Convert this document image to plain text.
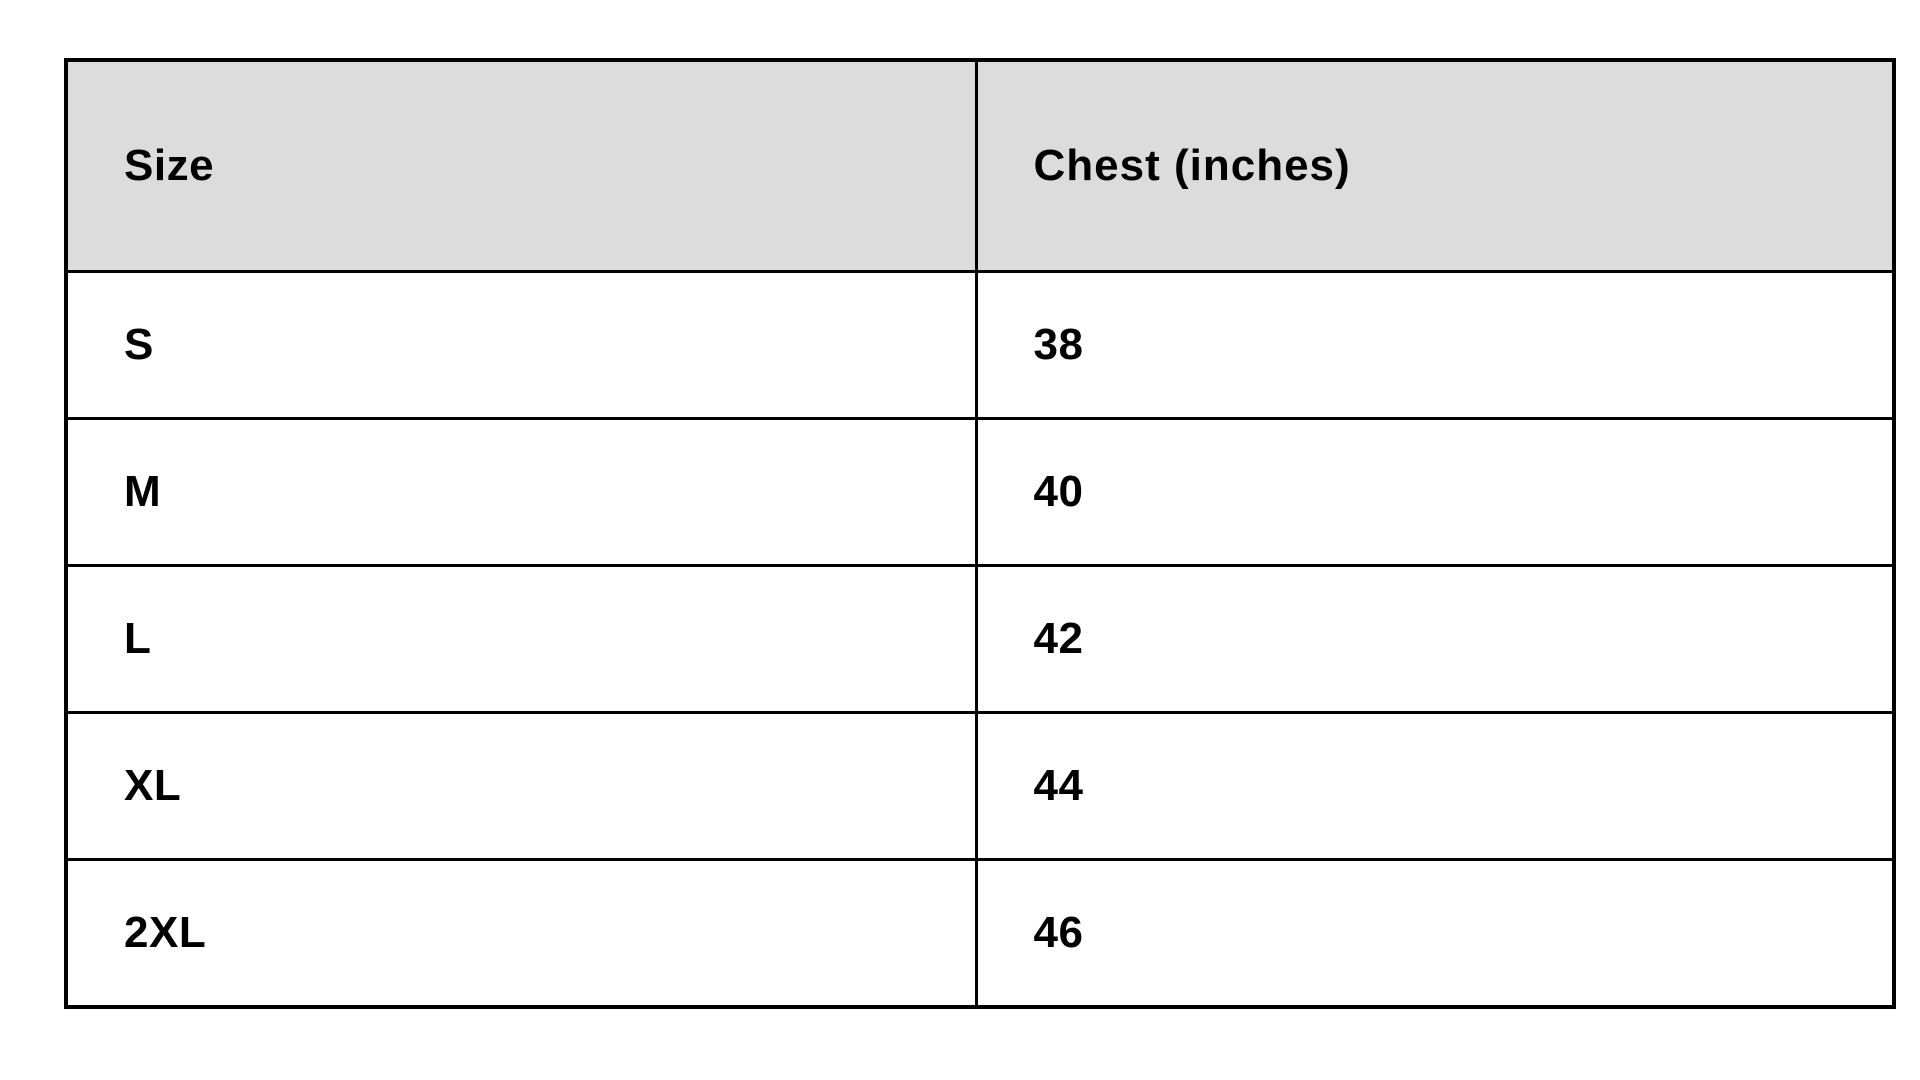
Size	Chest (inches)
S	38
M	40
L	42
XL	44
2XL	46
